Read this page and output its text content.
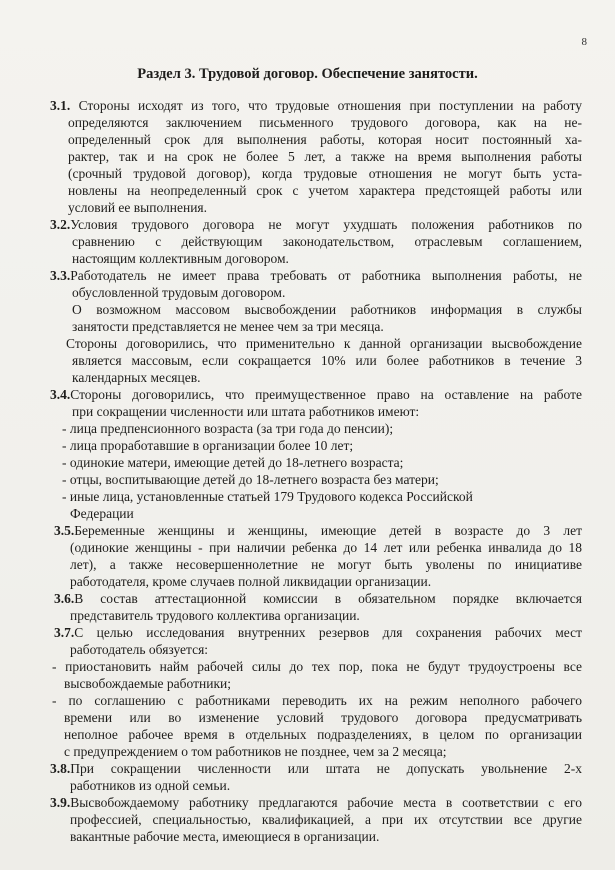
8
Раздел 3. Трудовой договор. Обеспечение занятости.
3.1. Стороны исходят из того, что трудовые отношения при поступлении на работу
определяются заключением письменного трудового договора, как на не-
определенный срок для выполнения работы, которая носит постоянный ха-
рактер, так и на срок не более 5 лет, а также на время выполнения работы
(срочный трудовой договор), когда трудовые отношения не могут быть уста-
новлены на неопределенный срок с учетом характера предстоящей работы или
условий ее выполнения.
3.2.Условия трудового договора не могут ухудшать положения работников по
сравнению с действующим законодательством, отраслевым соглашением,
настоящим коллективным договором.
3.3.Работодатель не имеет права требовать от работника выполнения работы, не
обусловленной трудовым договором.
О возможном массовом высвобождении работников информация в службы
занятости представляется не менее чем за три месяца.
Стороны договорились, что применительно к данной организации высвобождение
является массовым, если сокращается 10% или более работников в течение 3
календарных месяцев.
3.4.Стороны договорились, что преимущественное право на оставление на работе
при сокращении численности или штата работников имеют:
- лица предпенсионного возраста (за три года до пенсии);
- лица проработавшие в организации более 10 лет;
- одинокие матери, имеющие детей до 18-летнего возраста;
- отцы, воспитывающие детей до 18-летнего возраста без матери;
- иные лица, установленные статьей 179 Трудового кодекса Российской
Федерации
3.5.Беременные женщины и женщины, имеющие детей в возрасте до 3 лет
(одинокие женщины - при наличии ребенка до 14 лет или ребенка инвалида до 18
лет), а также несовершеннолетние не могут быть уволены по инициативе
работодателя, кроме случаев полной ликвидации организации.
3.6.В состав аттестационной комиссии в обязательном порядке включается
представитель трудового коллектива организации.
3.7.С целью исследования внутренних резервов для сохранения рабочих мест
работодатель обязуется:
- приостановить найм рабочей силы до тех пор, пока не будут трудоустроены все
высвобождаемые работники;
- по соглашению с работниками переводить их на режим неполного рабочего
времени или во изменение условий трудового договора предусматривать
неполное рабочее время в отдельных подразделениях, в целом по организации
с предупреждением о том работников не позднее, чем за 2 месяца;
3.8.При сокращении численности или штата не допускать увольнение 2-х
работников из одной семьи.
3.9.Высвобождаемому работнику предлагаются рабочие места в соответствии с его
профессией, специальностью, квалификацией, а при их отсутствии все другие
вакантные рабочие места, имеющиеся в организации.
